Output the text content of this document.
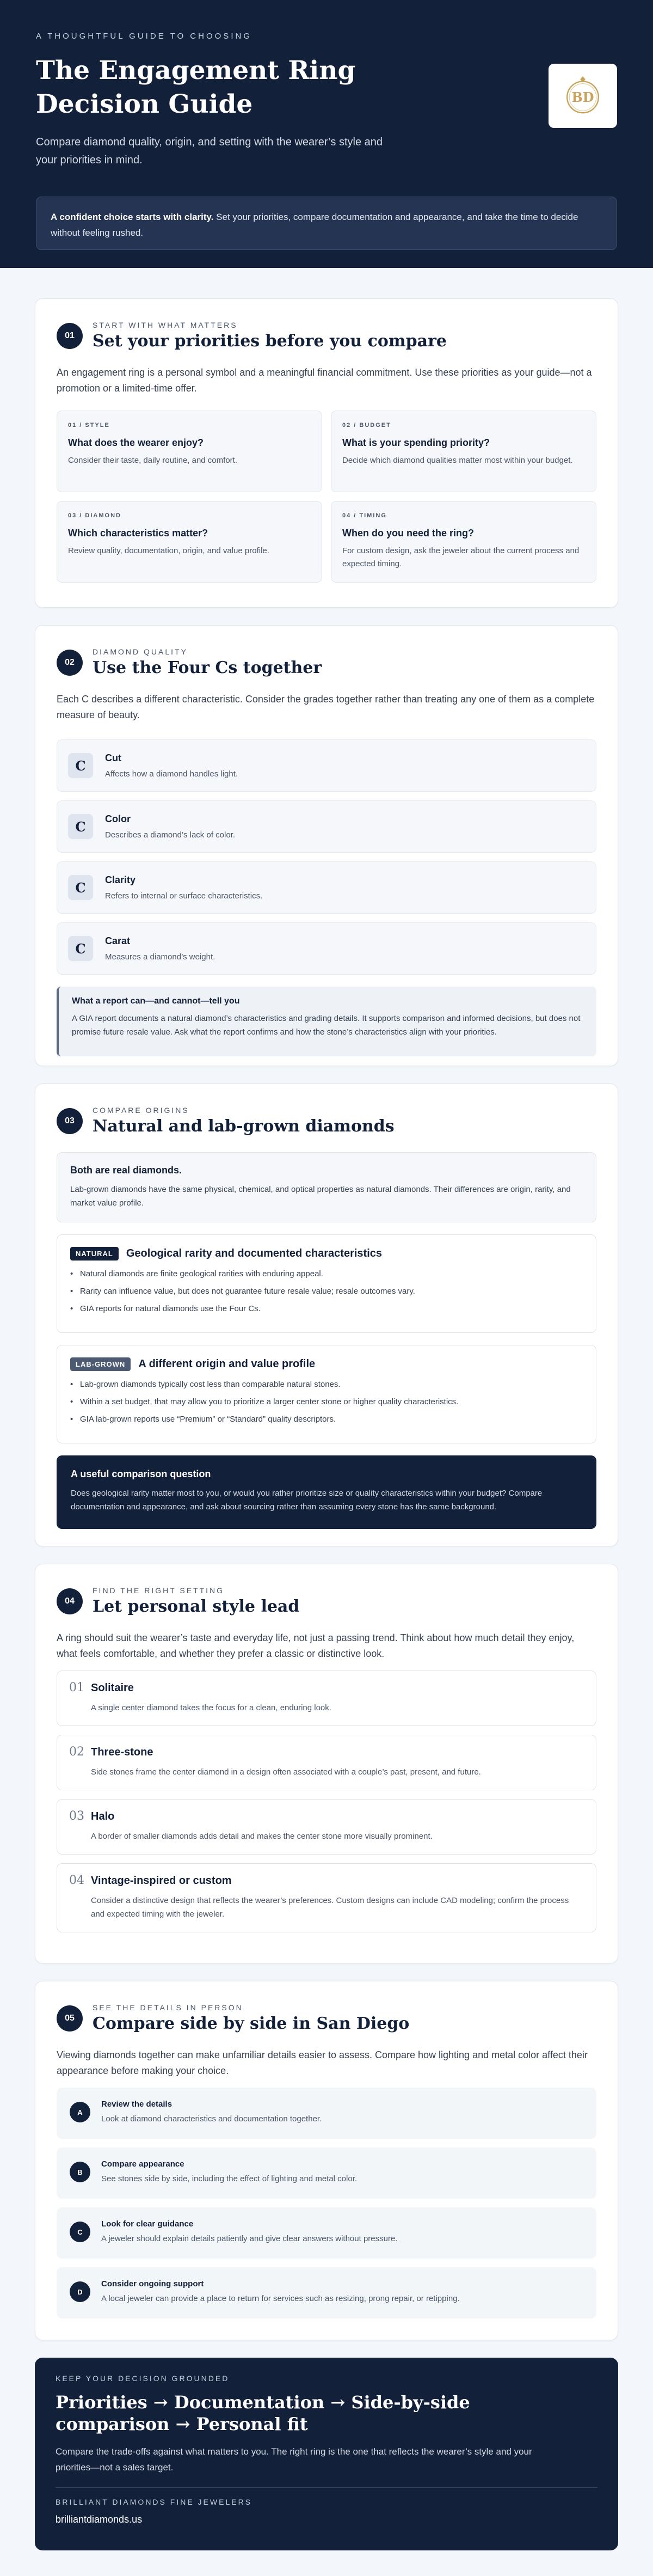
A THOUGHTFUL GUIDE TO CHOOSING
The Engagement Ring Decision Guide

Compare diamond quality, origin, and setting with the wearer’s style and your priorities in mind.

BD
A confident choice starts with clarity. Set your priorities, compare documentation and appearance, and take the time to decide without feeling rushed.
01
START WITH WHAT MATTERS
Set your priorities before you compare

An engagement ring is a personal symbol and a meaningful financial commitment. Use these priorities as your guide—not a promotion or a limited-time offer.

01 / STYLE
What does the wearer enjoy?
Consider their taste, daily routine, and comfort.
02 / BUDGET
What is your spending priority?
Decide which diamond qualities matter most within your budget.
03 / DIAMOND
Which characteristics matter?
Review quality, documentation, origin, and value profile.
04 / TIMING
When do you need the ring?
For custom design, ask the jeweler about the current process and expected timing.
02
DIAMOND QUALITY
Use the Four Cs together

Each C describes a different characteristic. Consider the grades together rather than treating any one of them as a complete measure of beauty.

C	Cut
Affects how a diamond handles light.
C	Color
Describes a diamond’s lack of color.
C	Clarity
Refers to internal or surface characteristics.
C	Carat
Measures a diamond’s weight.
What a report can—and cannot—tell you
A GIA report documents a natural diamond’s characteristics and grading details. It supports comparison and informed decisions, but does not promise future resale value. Ask what the report confirms and how the stone’s characteristics align with your priorities.
03
COMPARE ORIGINS
Natural and lab-grown diamonds
Both are real diamonds.
Lab-grown diamonds have the same physical, chemical, and optical properties as natural diamonds. Their differences are origin, rarity, and market value profile.
NATURAL	Geological rarity and documented characteristics
• Natural diamonds are finite geological rarities with enduring appeal.
• Rarity can influence value, but does not guarantee future resale value; resale outcomes vary.
• GIA reports for natural diamonds use the Four Cs.
LAB-GROWN	A different origin and value profile
• Lab-grown diamonds typically cost less than comparable natural stones.
• Within a set budget, that may allow you to prioritize a larger center stone or higher quality characteristics.
• GIA lab-grown reports use “Premium” or “Standard” quality descriptors.
A useful comparison question
Does geological rarity matter most to you, or would you rather prioritize size or quality characteristics within your budget? Compare documentation and appearance, and ask about sourcing rather than assuming every stone has the same background.
04
FIND THE RIGHT SETTING
Let personal style lead

A ring should suit the wearer’s taste and everyday life, not just a passing trend. Think about how much detail they enjoy, what feels comfortable, and whether they prefer a classic or distinctive look.

01 Solitaire
A single center diamond takes the focus for a clean, enduring look.
02 Three-stone
Side stones frame the center diamond in a design often associated with a couple’s past, present, and future.
03 Halo
A border of smaller diamonds adds detail and makes the center stone more visually prominent.
04 Vintage-inspired or custom
Consider a distinctive design that reflects the wearer’s preferences. Custom designs can include CAD modeling; confirm the process and expected timing with the jeweler.
05
SEE THE DETAILS IN PERSON
Compare side by side in San Diego

Viewing diamonds together can make unfamiliar details easier to assess. Compare how lighting and metal color affect their appearance before making your choice.

A
Review the details
Look at diamond characteristics and documentation together.
B
Compare appearance
See stones side by side, including the effect of lighting and metal color.
C
Look for clear guidance
A jeweler should explain details patiently and give clear answers without pressure.
D
Consider ongoing support
A local jeweler can provide a place to return for services such as resizing, prong repair, or retipping.
KEEP YOUR DECISION GROUNDED
Priorities → Documentation → Side-by-side comparison → Personal fit

Compare the trade-offs against what matters to you. The right ring is the one that reflects the wearer’s style and your priorities—not a sales target.

BRILLIANT DIAMONDS FINE JEWELERS
brilliantdiamonds.us
